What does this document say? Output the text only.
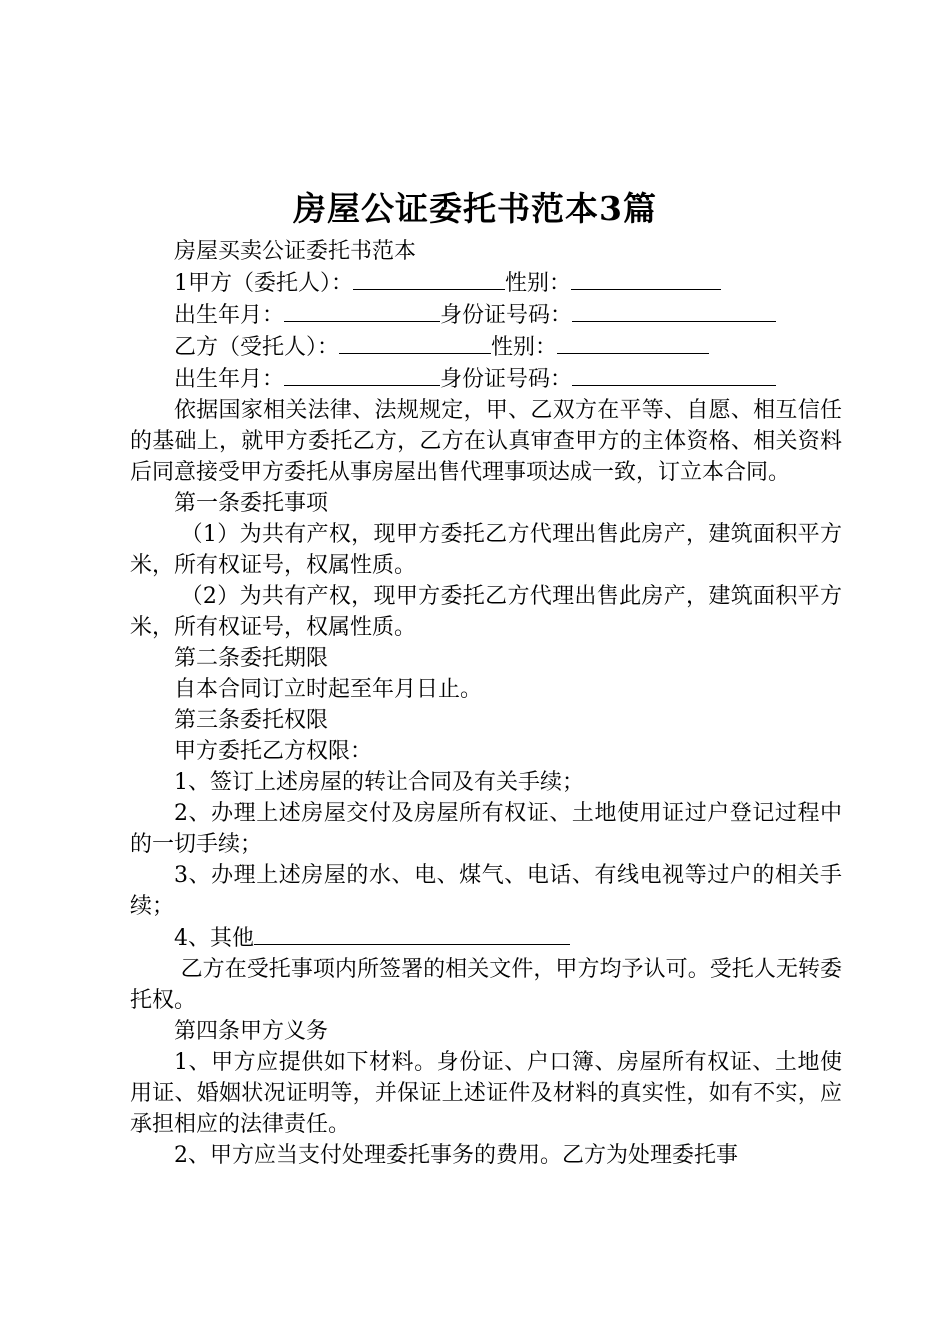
房屋公证委托书范本3篇

房屋买卖公证委托书范本

1甲方（委托人）：	性别：

出生年月：	身份证号码：

乙方（受托人）：	性别：

出生年月：	身份证号码：

依据国家相关法律、法规规定，甲、乙双方在平等、自愿、相互信任的基础上，就甲方委托乙方，乙方在认真审查甲方的主体资格、相关资料后同意接受甲方委托从事房屋出售代理事项达成一致，订立本合同。

第一条委托事项

（1）为共有产权，现甲方委托乙方代理出售此房产，建筑面积平方米，所有权证号，权属性质。

（2）为共有产权，现甲方委托乙方代理出售此房产，建筑面积平方米，所有权证号，权属性质。

第二条委托期限

自本合同订立时起至年月日止。

第三条委托权限

甲方委托乙方权限：

1、签订上述房屋的转让合同及有关手续；

2、办理上述房屋交付及房屋所有权证、土地使用证过户登记过程中的一切手续；

3、办理上述房屋的水、电、煤气、电话、有线电视等过户的相关手续；

4、其他

乙方在受托事项内所签署的相关文件，甲方均予认可。受托人无转委托权。

第四条甲方义务

1、甲方应提供如下材料。身份证、户口簿、房屋所有权证、土地使用证、婚姻状况证明等，并保证上述证件及材料的真实性，如有不实，应承担相应的法律责任。

2、甲方应当支付处理委托事务的费用。乙方为处理委托事
